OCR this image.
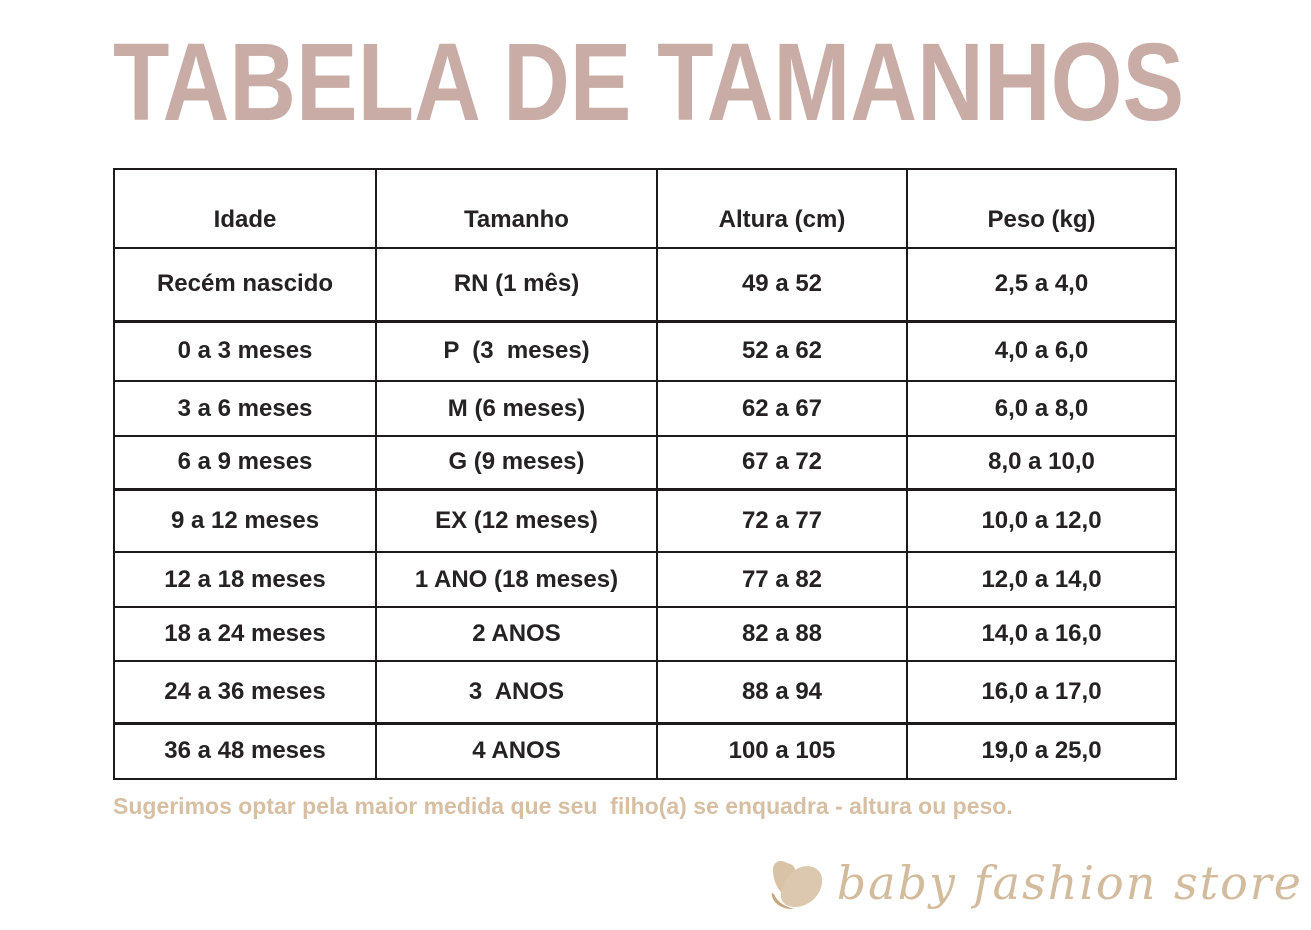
TABELA DE TAMANHOS
Idade	Tamanho	Altura (cm)	Peso (kg)
Recém nascido	RN (1 mês)	49 a 52	2,5 a 4,0
0 a 3 meses	P  (3  meses)	52 a 62	4,0 a 6,0
3 a 6 meses	M (6 meses)	62 a 67	6,0 a 8,0
6 a 9 meses	G (9 meses)	67 a 72	8,0 a 10,0
9 a 12 meses	EX (12 meses)	72 a 77	10,0 a 12,0
12 a 18 meses	1 ANO (18 meses)	77 a 82	12,0 a 14,0
18 a 24 meses	2 ANOS	82 a 88	14,0 a 16,0
24 a 36 meses	3  ANOS	88 a 94	16,0 a 17,0
36 a 48 meses	4 ANOS	100 a 105	19,0 a 25,0

Sugerimos optar pela maior medida que seu  filho(a) se enquadra - altura ou peso.

baby fashion store
